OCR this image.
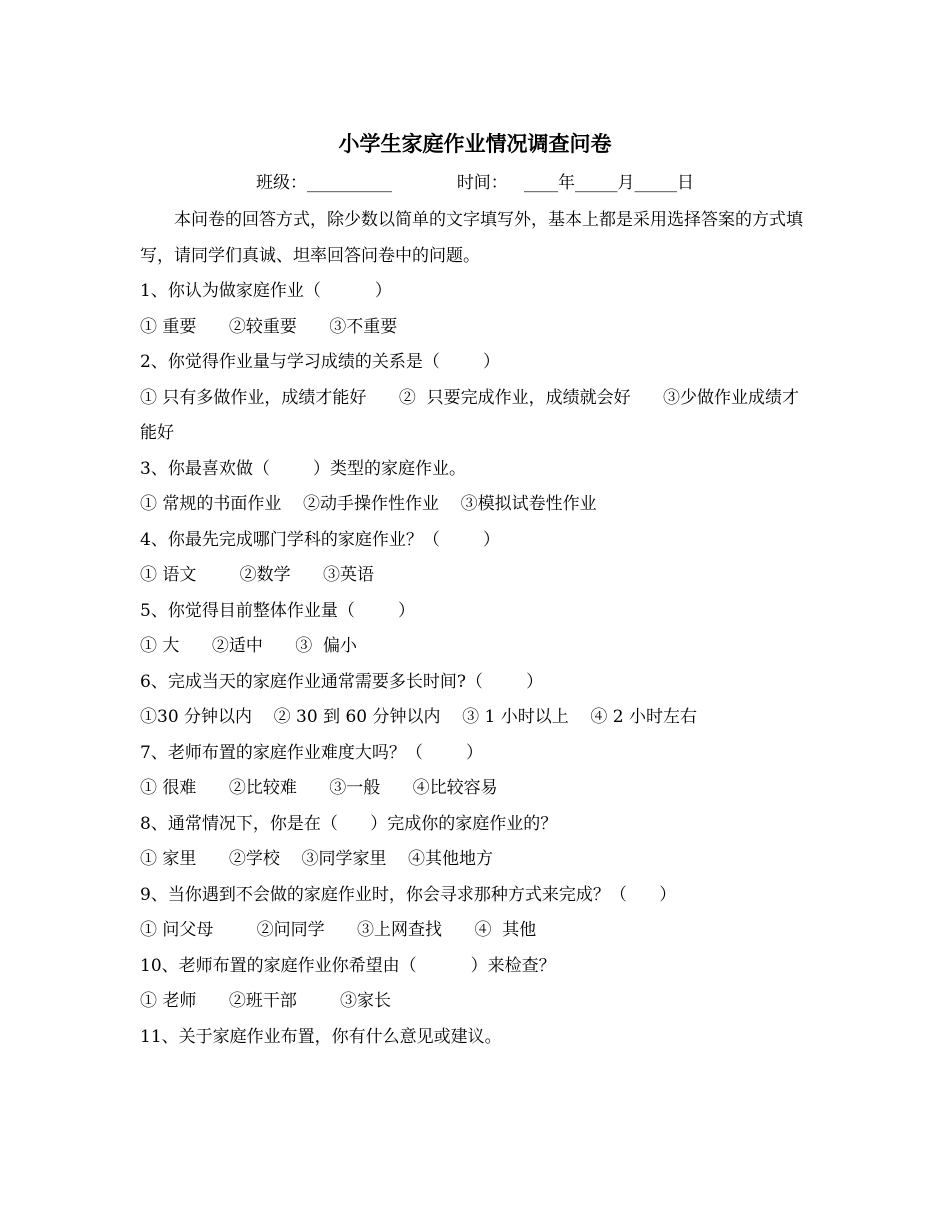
小学生家庭作业情况调查问卷
班级：__________	时间： ____年_____月_____日

本问卷的回答方式，除少数以简单的文字填写外，基本上都是采用选择答案的方式填写，请同学们真诚、坦率回答问卷中的问题。

1、你认为做家庭作业（          ）

① 重要      ②较重要      ③不重要

2、你觉得作业量与学习成绩的关系是（        ）

① 只有多做作业，成绩才能好      ②  只要完成作业，成绩就会好      ③少做作业成绩才能好

3、你最喜欢做（        ）类型的家庭作业。

① 常规的书面作业    ②动手操作性作业    ③模拟试卷性作业

4、你最先完成哪门学科的家庭作业？（        ）

① 语文        ②数学      ③英语

5、你觉得目前整体作业量（        ）

① 大      ②适中      ③  偏小

6、完成当天的家庭作业通常需要多长时间?（        ）

①30 分钟以内    ② 30 到 60 分钟以内    ③ 1 小时以上    ④ 2 小时左右

7、老师布置的家庭作业难度大吗？（        ）

① 很难      ②比较难      ③一般      ④比较容易

8、通常情况下，你是在（      ）完成你的家庭作业的？

① 家里      ②学校    ③同学家里    ④其他地方

9、当你遇到不会做的家庭作业时，你会寻求那种方式来完成？（      ）

① 问父母        ②问同学      ③上网查找      ④  其他

10、老师布置的家庭作业你希望由（          ）来检查？

① 老师      ②班干部        ③家长

11、关于家庭作业布置，你有什么意见或建议。
